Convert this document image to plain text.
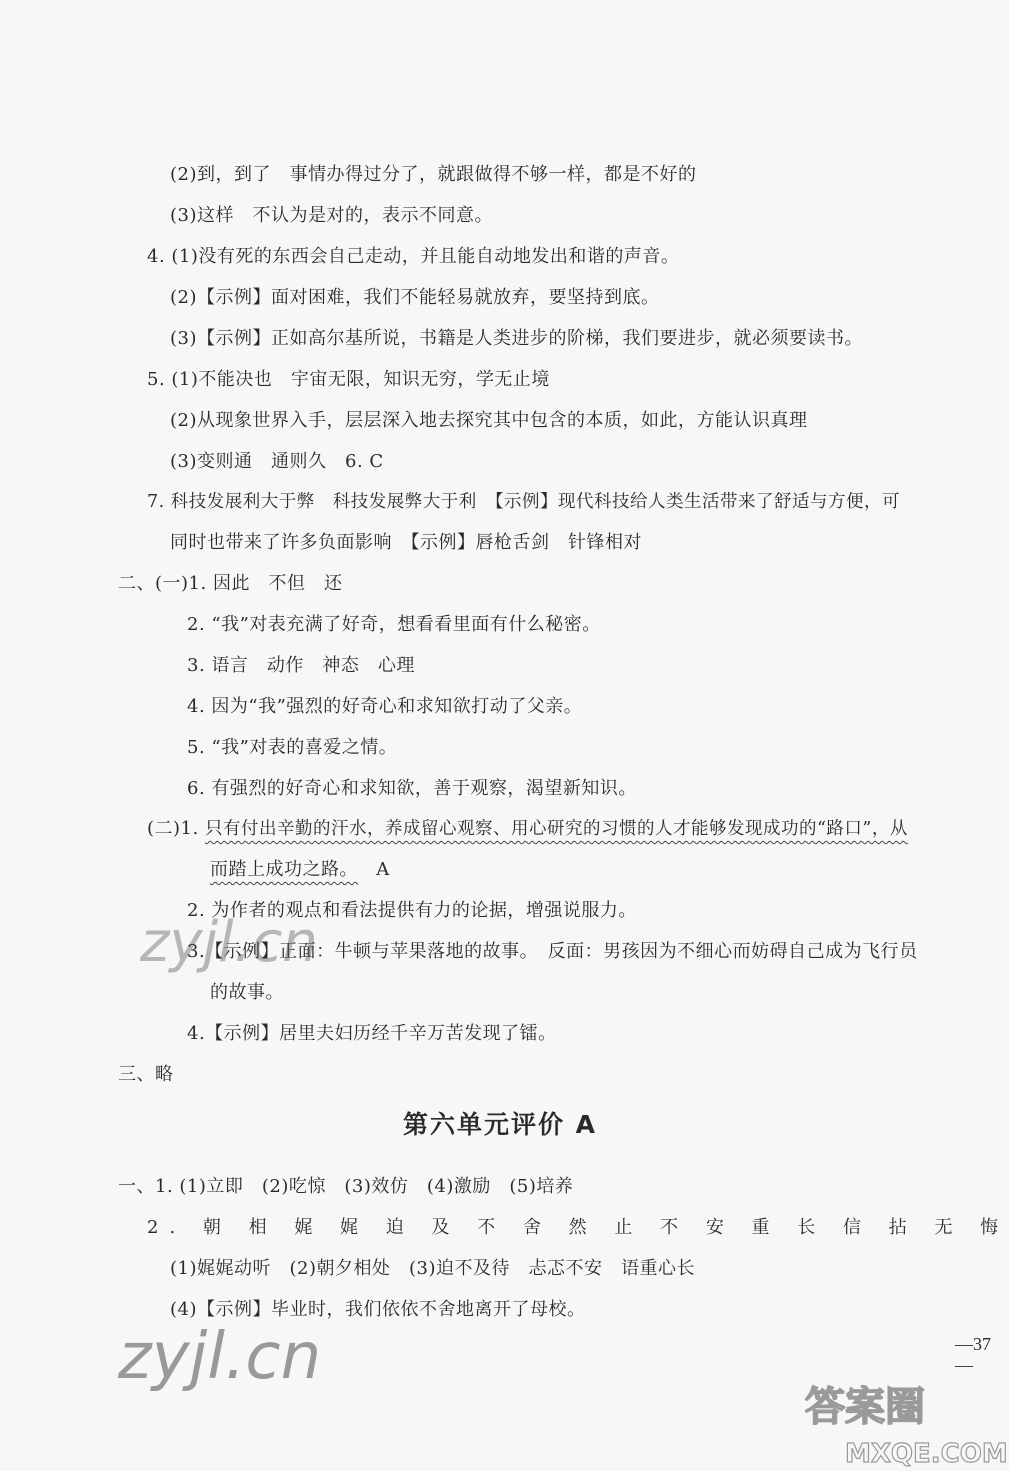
(2)到，到了　事情办得过分了，就跟做得不够一样，都是不好的
(3)这样　不认为是对的，表示不同意。
4. (1)没有死的东西会自己走动，并且能自动地发出和谐的声音。
(2)【示例】面对困难，我们不能轻易就放弃，要坚持到底。
(3)【示例】正如高尔基所说，书籍是人类进步的阶梯，我们要进步，就必须要读书。
5. (1)不能决也　宇宙无限，知识无穷，学无止境
(2)从现象世界入手，层层深入地去探究其中包含的本质，如此，方能认识真理
(3)变则通　通则久　6. C
7. 科技发展利大于弊　科技发展弊大于利　【示例】现代科技给人类生活带来了舒适与方便，可
同时也带来了许多负面影响　【示例】唇枪舌剑　针锋相对
二、(一)1. 因此　不但　还
2. “我”对表充满了好奇，想看看里面有什么秘密。
3. 语言　动作　神态　心理
4. 因为“我”强烈的好奇心和求知欲打动了父亲。
5. “我”对表的喜爱之情。
6. 有强烈的好奇心和求知欲，善于观察，渴望新知识。
(二)1. 只有付出辛勤的汗水，养成留心观察、用心研究的习惯的人才能够发现成功的“路口”，从
而踏上成功之路。 A
2. 为作者的观点和看法提供有力的论据，增强说服力。
3.【示例】正面：牛顿与苹果落地的故事。　反面：男孩因为不细心而妨碍自己成为飞行员
的故事。
4.【示例】居里夫妇历经千辛万苦发现了镭。
三、略
第六单元评价 A
一、1. (1)立即　(2)吃惊　(3)效仿　(4)激励　(5)培养
2. 朝 相 娓 娓 迫 及 不 舍 然 止 不 安 重 长 信 拈 无 悔
(1)娓娓动听　(2)朝夕相处　(3)迫不及待　忐忑不安　语重心长
(4)【示例】毕业时，我们依依不舍地离开了母校。
—37—
zyjl.cn
zyjl.cn
答案圈
MXQE.COM
